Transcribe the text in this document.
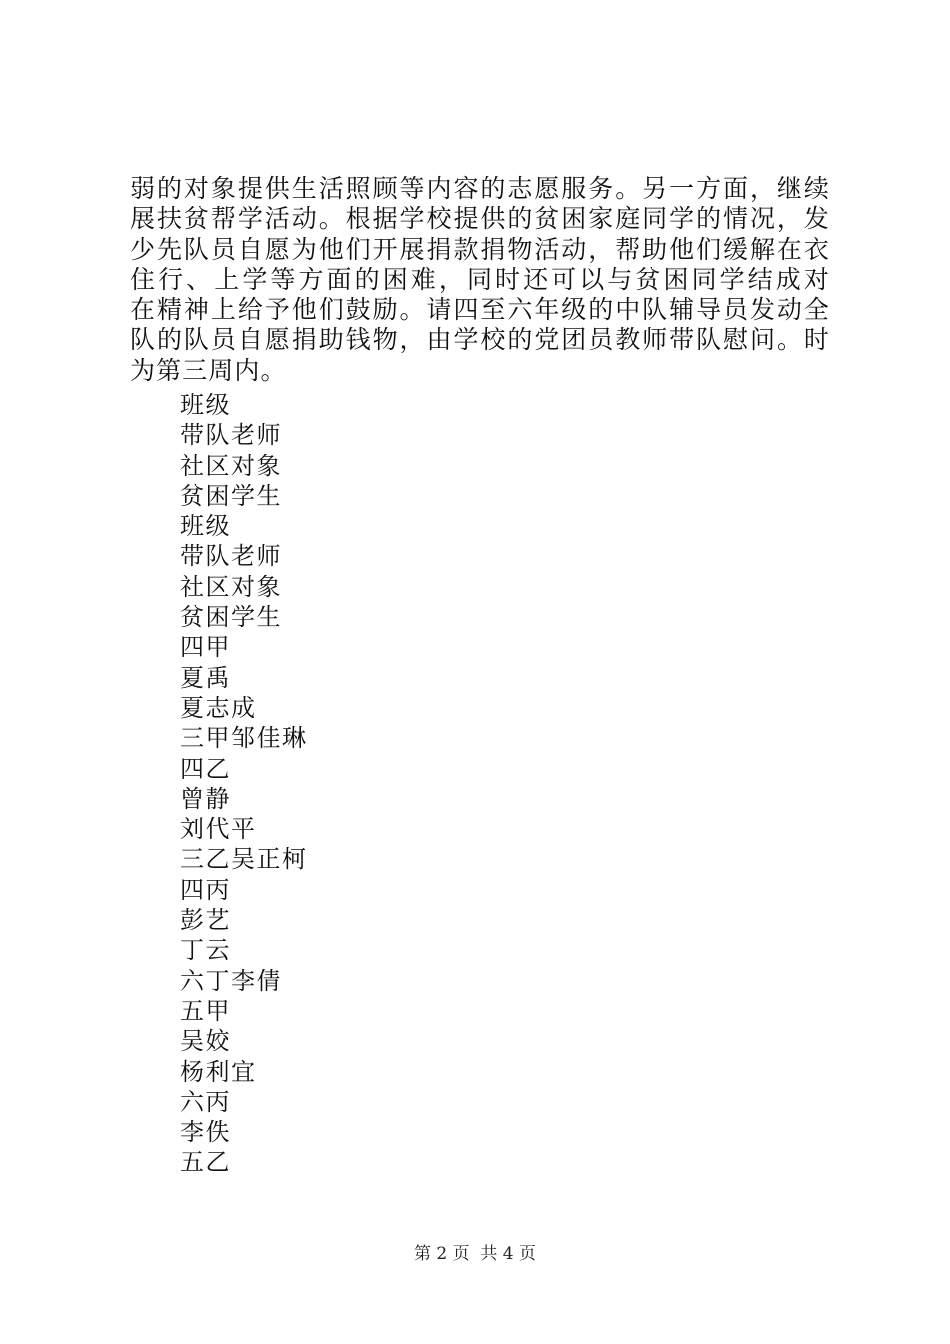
弱的对象提供生活照顾等内容的志愿服务。另一方面，继续
展扶贫帮学活动。根据学校提供的贫困家庭同学的情况，发
少先队员自愿为他们开展捐款捐物活动，帮助他们缓解在衣
住行、上学等方面的困难，同时还可以与贫困同学结成对
在精神上给予他们鼓励。请四至六年级的中队辅导员发动全
队的队员自愿捐助钱物，由学校的党团员教师带队慰问。时
为第三周内。
班级
带队老师
社区对象
贫困学生
班级
带队老师
社区对象
贫困学生
四甲
夏禹
夏志成
三甲邹佳琳
四乙
曾静
刘代平
三乙吴正柯
四丙
彭艺
丁云
六丁李倩
五甲
吴姣
杨利宜
六丙
李佚
五乙
第 2 页 共 4 页
